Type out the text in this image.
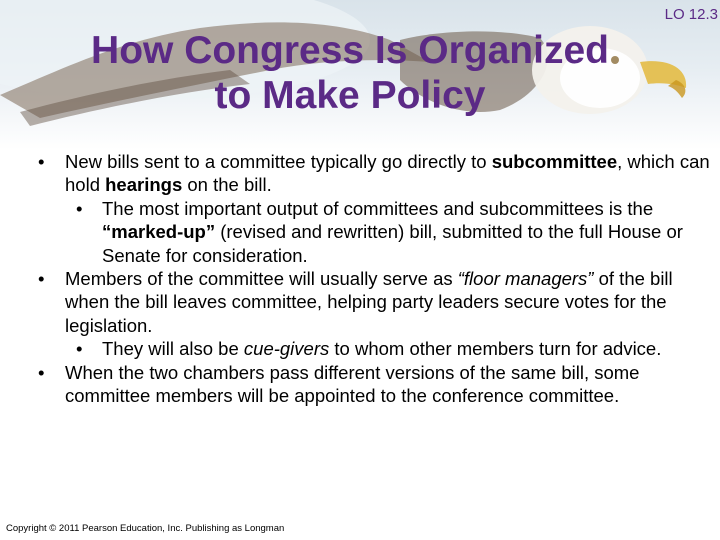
LO 12.3
How Congress Is Organized
to Make Policy
• New bills sent to a committee typically go directly to subcommittee, which can hold hearings on the bill.
• The most important output of committees and subcommittees is the “marked-up” (revised and rewritten) bill, submitted to the full House or Senate for consideration.
• Members of the committee will usually serve as “floor managers” of the bill when the bill leaves committee, helping party leaders secure votes for the legislation.
• They will also be cue-givers to whom other members turn for advice.
• When the two chambers pass different versions of the same bill, some committee members will be appointed to the conference committee.
Copyright © 2011 Pearson Education, Inc. Publishing as Longman
